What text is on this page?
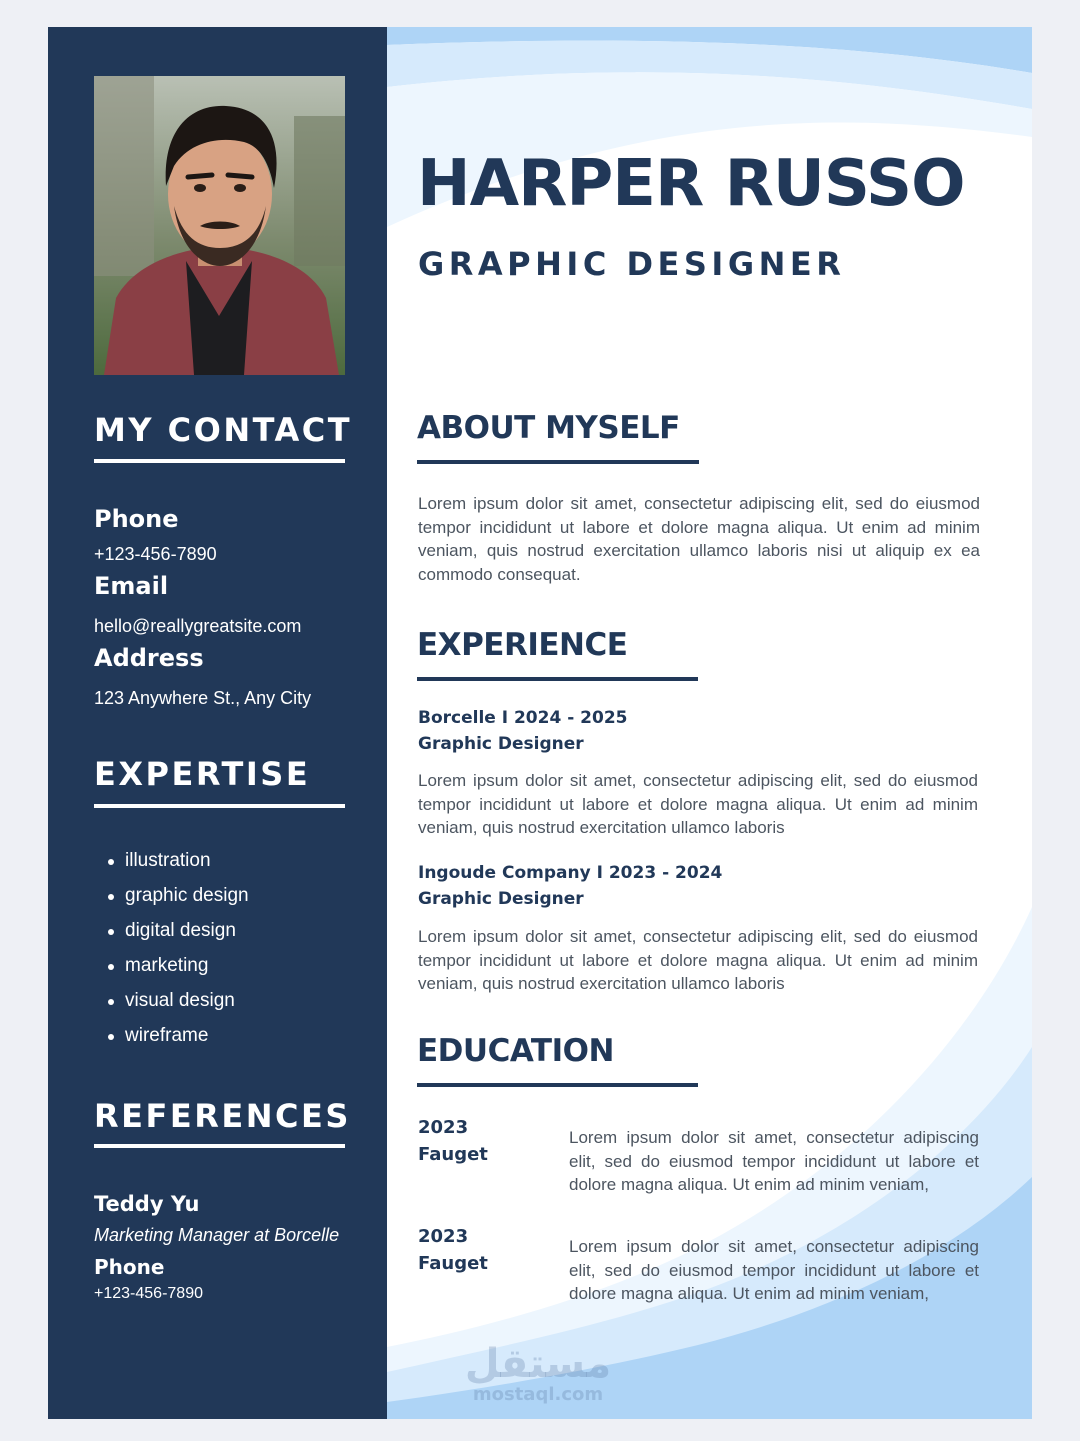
MY CONTACT
Phone
+123-456-7890
Email
hello@reallygreatsite.com
Address
123 Anywhere St., Any City
EXPERTISE
illustration
graphic design
digital design
marketing
visual design
wireframe
REFERENCES
Teddy Yu
Marketing Manager at Borcelle
Phone
+123-456-7890
HARPER RUSSO
GRAPHIC DESIGNER
ABOUT MYSELF

Lorem ipsum dolor sit amet, consectetur adipiscing elit, sed do eiusmod tempor incididunt ut labore et dolore magna aliqua. Ut enim ad minim veniam, quis nostrud exercitation ullamco laboris nisi ut aliquip ex ea commodo consequat.

EXPERIENCE
Borcelle I 2024 - 2025
Graphic Designer

Lorem ipsum dolor sit amet, consectetur adipiscing elit, sed do eiusmod tempor incididunt ut labore et dolore magna aliqua. Ut enim ad minim veniam, quis nostrud exercitation ullamco laboris

Ingoude Company I 2023 - 2024
Graphic Designer

Lorem ipsum dolor sit amet, consectetur adipiscing elit, sed do eiusmod tempor incididunt ut labore et dolore magna aliqua. Ut enim ad minim veniam, quis nostrud exercitation ullamco laboris

EDUCATION
2023
Fauget

Lorem ipsum dolor sit amet, consectetur adipiscing elit, sed do eiusmod tempor incididunt ut labore et dolore magna aliqua. Ut enim ad minim veniam,

2023
Fauget

Lorem ipsum dolor sit amet, consectetur adipiscing elit, sed do eiusmod tempor incididunt ut labore et dolore magna aliqua. Ut enim ad minim veniam,

مستقل
mostaql.com
